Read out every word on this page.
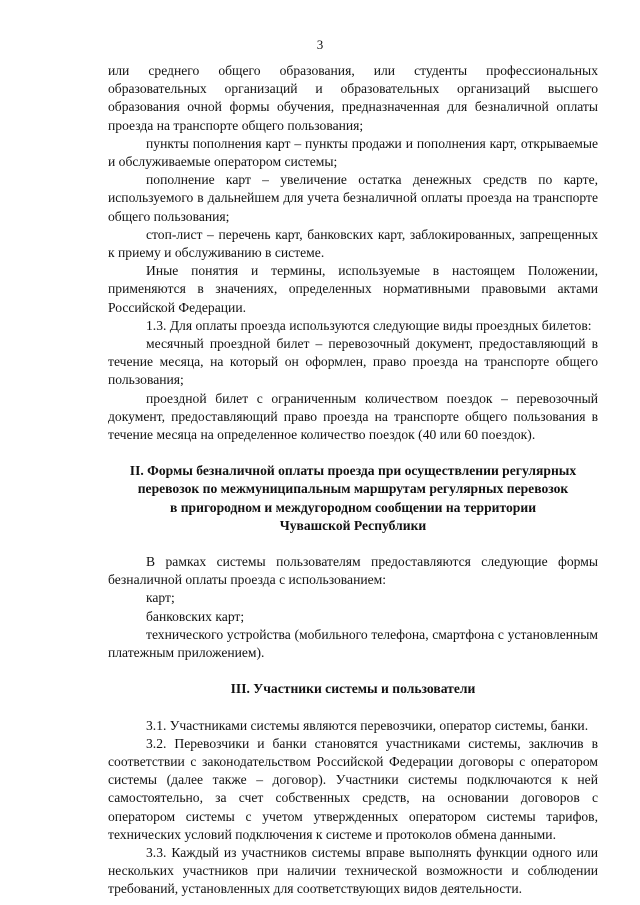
3

или среднего общего образования, или студенты профессиональных образовательных организаций и образовательных организаций высшего образования очной формы обучения, предназначенная для безналичной оплаты проезда на транспорте общего пользования;

пункты пополнения карт – пункты продажи и пополнения карт, открываемые и обслуживаемые оператором системы;

пополнение карт – увеличение остатка денежных средств по карте, используемого в дальнейшем для учета безналичной оплаты проезда на транспорте общего пользования;

стоп-лист – перечень карт, банковских карт, заблокированных, запрещенных к приему и обслуживанию в системе.

Иные понятия и термины, используемые в настоящем Положении, применяются в значениях, определенных нормативными правовыми актами Российской Федерации.

1.3. Для оплаты проезда используются следующие виды проездных билетов:

месячный проездной билет – перевозочный документ, предоставляющий в течение месяца, на который он оформлен, право проезда на транспорте общего пользования;

проездной билет с ограниченным количеством поездок – перевозочный документ, предоставляющий право проезда на транспорте общего пользования в течение месяца на определенное количество поездок (40 или 60 поездок).

II. Формы безналичной оплаты проезда при осуществлении регулярных
перевозок по межмуниципальным маршрутам регулярных перевозок
в пригородном и междугородном сообщении на территории
Чувашской Республики

В рамках системы пользователям предоставляются следующие формы безналичной оплаты проезда с использованием:

карт;

банковских карт;

технического устройства (мобильного телефона, смартфона с установленным платежным приложением).

III. Участники системы и пользователи

3.1. Участниками системы являются перевозчики, оператор системы, банки.

3.2. Перевозчики и банки становятся участниками системы, заключив в соответствии с законодательством Российской Федерации договоры с оператором системы (далее также – договор). Участники системы подключаются к ней самостоятельно, за счет собственных средств, на основании договоров с оператором системы с учетом утвержденных оператором системы тарифов, технических условий подключения к системе и протоколов обмена данными.

3.3. Каждый из участников системы вправе выполнять функции одного или нескольких участников при наличии технической возможности и соблюдении требований, установленных для соответствующих видов деятельности.
